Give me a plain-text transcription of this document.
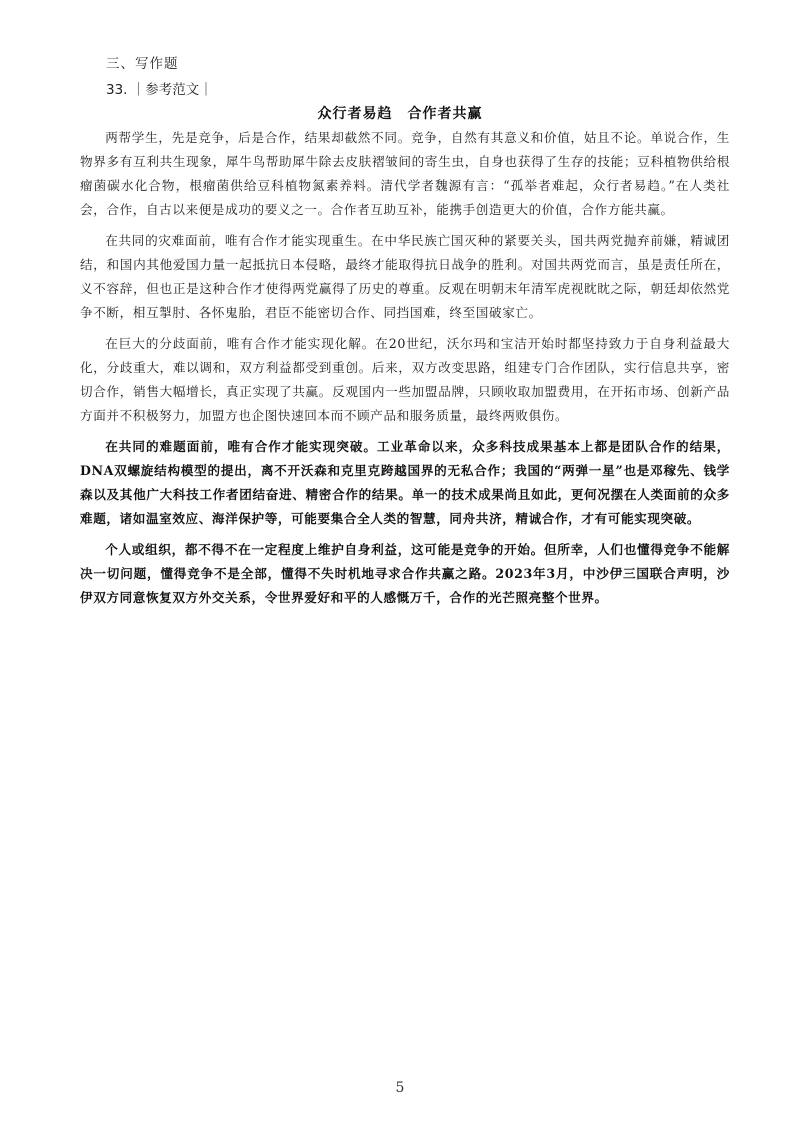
三、写作题
33. ｜参考范文｜
众行者易趋　合作者共赢

两帮学生，先是竞争，后是合作，结果却截然不同。竞争，自然有其意义和价值，姑且不论。单说合作，生物界多有互利共生现象，犀牛鸟帮助犀牛除去皮肤褶皱间的寄生虫，自身也获得了生存的技能；豆科植物供给根瘤菌碳水化合物，根瘤菌供给豆科植物氮素养料。清代学者魏源有言：“孤举者难起，众行者易趋。”在人类社会，合作，自古以来便是成功的要义之一。合作者互助互补，能携手创造更大的价值，合作方能共赢。

在共同的灾难面前，唯有合作才能实现重生。在中华民族亡国灭种的紧要关头，国共两党抛弃前嫌，精诚团结，和国内其他爱国力量一起抵抗日本侵略，最终才能取得抗日战争的胜利。对国共两党而言，虽是责任所在，义不容辞，但也正是这种合作才使得两党赢得了历史的尊重。反观在明朝末年清军虎视眈眈之际，朝廷却依然党争不断，相互掣肘、各怀鬼胎，君臣不能密切合作、同挡国难，终至国破家亡。

在巨大的分歧面前，唯有合作才能实现化解。在20世纪，沃尔玛和宝洁开始时都坚持致力于自身利益最大化，分歧重大，难以调和，双方利益都受到重创。后来，双方改变思路，组建专门合作团队，实行信息共享，密切合作，销售大幅增长，真正实现了共赢。反观国内一些加盟品牌，只顾收取加盟费用，在开拓市场、创新产品方面并不积极努力，加盟方也企图快速回本而不顾产品和服务质量，最终两败俱伤。

在共同的难题面前，唯有合作才能实现突破。工业革命以来，众多科技成果基本上都是团队合作的结果，DNA双螺旋结构模型的提出，离不开沃森和克里克跨越国界的无私合作；我国的“两弹一星”也是邓稼先、钱学森以及其他广大科技工作者团结奋进、精密合作的结果。单一的技术成果尚且如此，更何况摆在人类面前的众多难题，诸如温室效应、海洋保护等，可能要集合全人类的智慧，同舟共济，精诚合作，才有可能实现突破。

个人或组织，都不得不在一定程度上维护自身利益，这可能是竞争的开始。但所幸，人们也懂得竞争不能解决一切问题，懂得竞争不是全部，懂得不失时机地寻求合作共赢之路。2023年3月，中沙伊三国联合声明，沙伊双方同意恢复双方外交关系，令世界爱好和平的人感慨万千，合作的光芒照亮整个世界。

5
